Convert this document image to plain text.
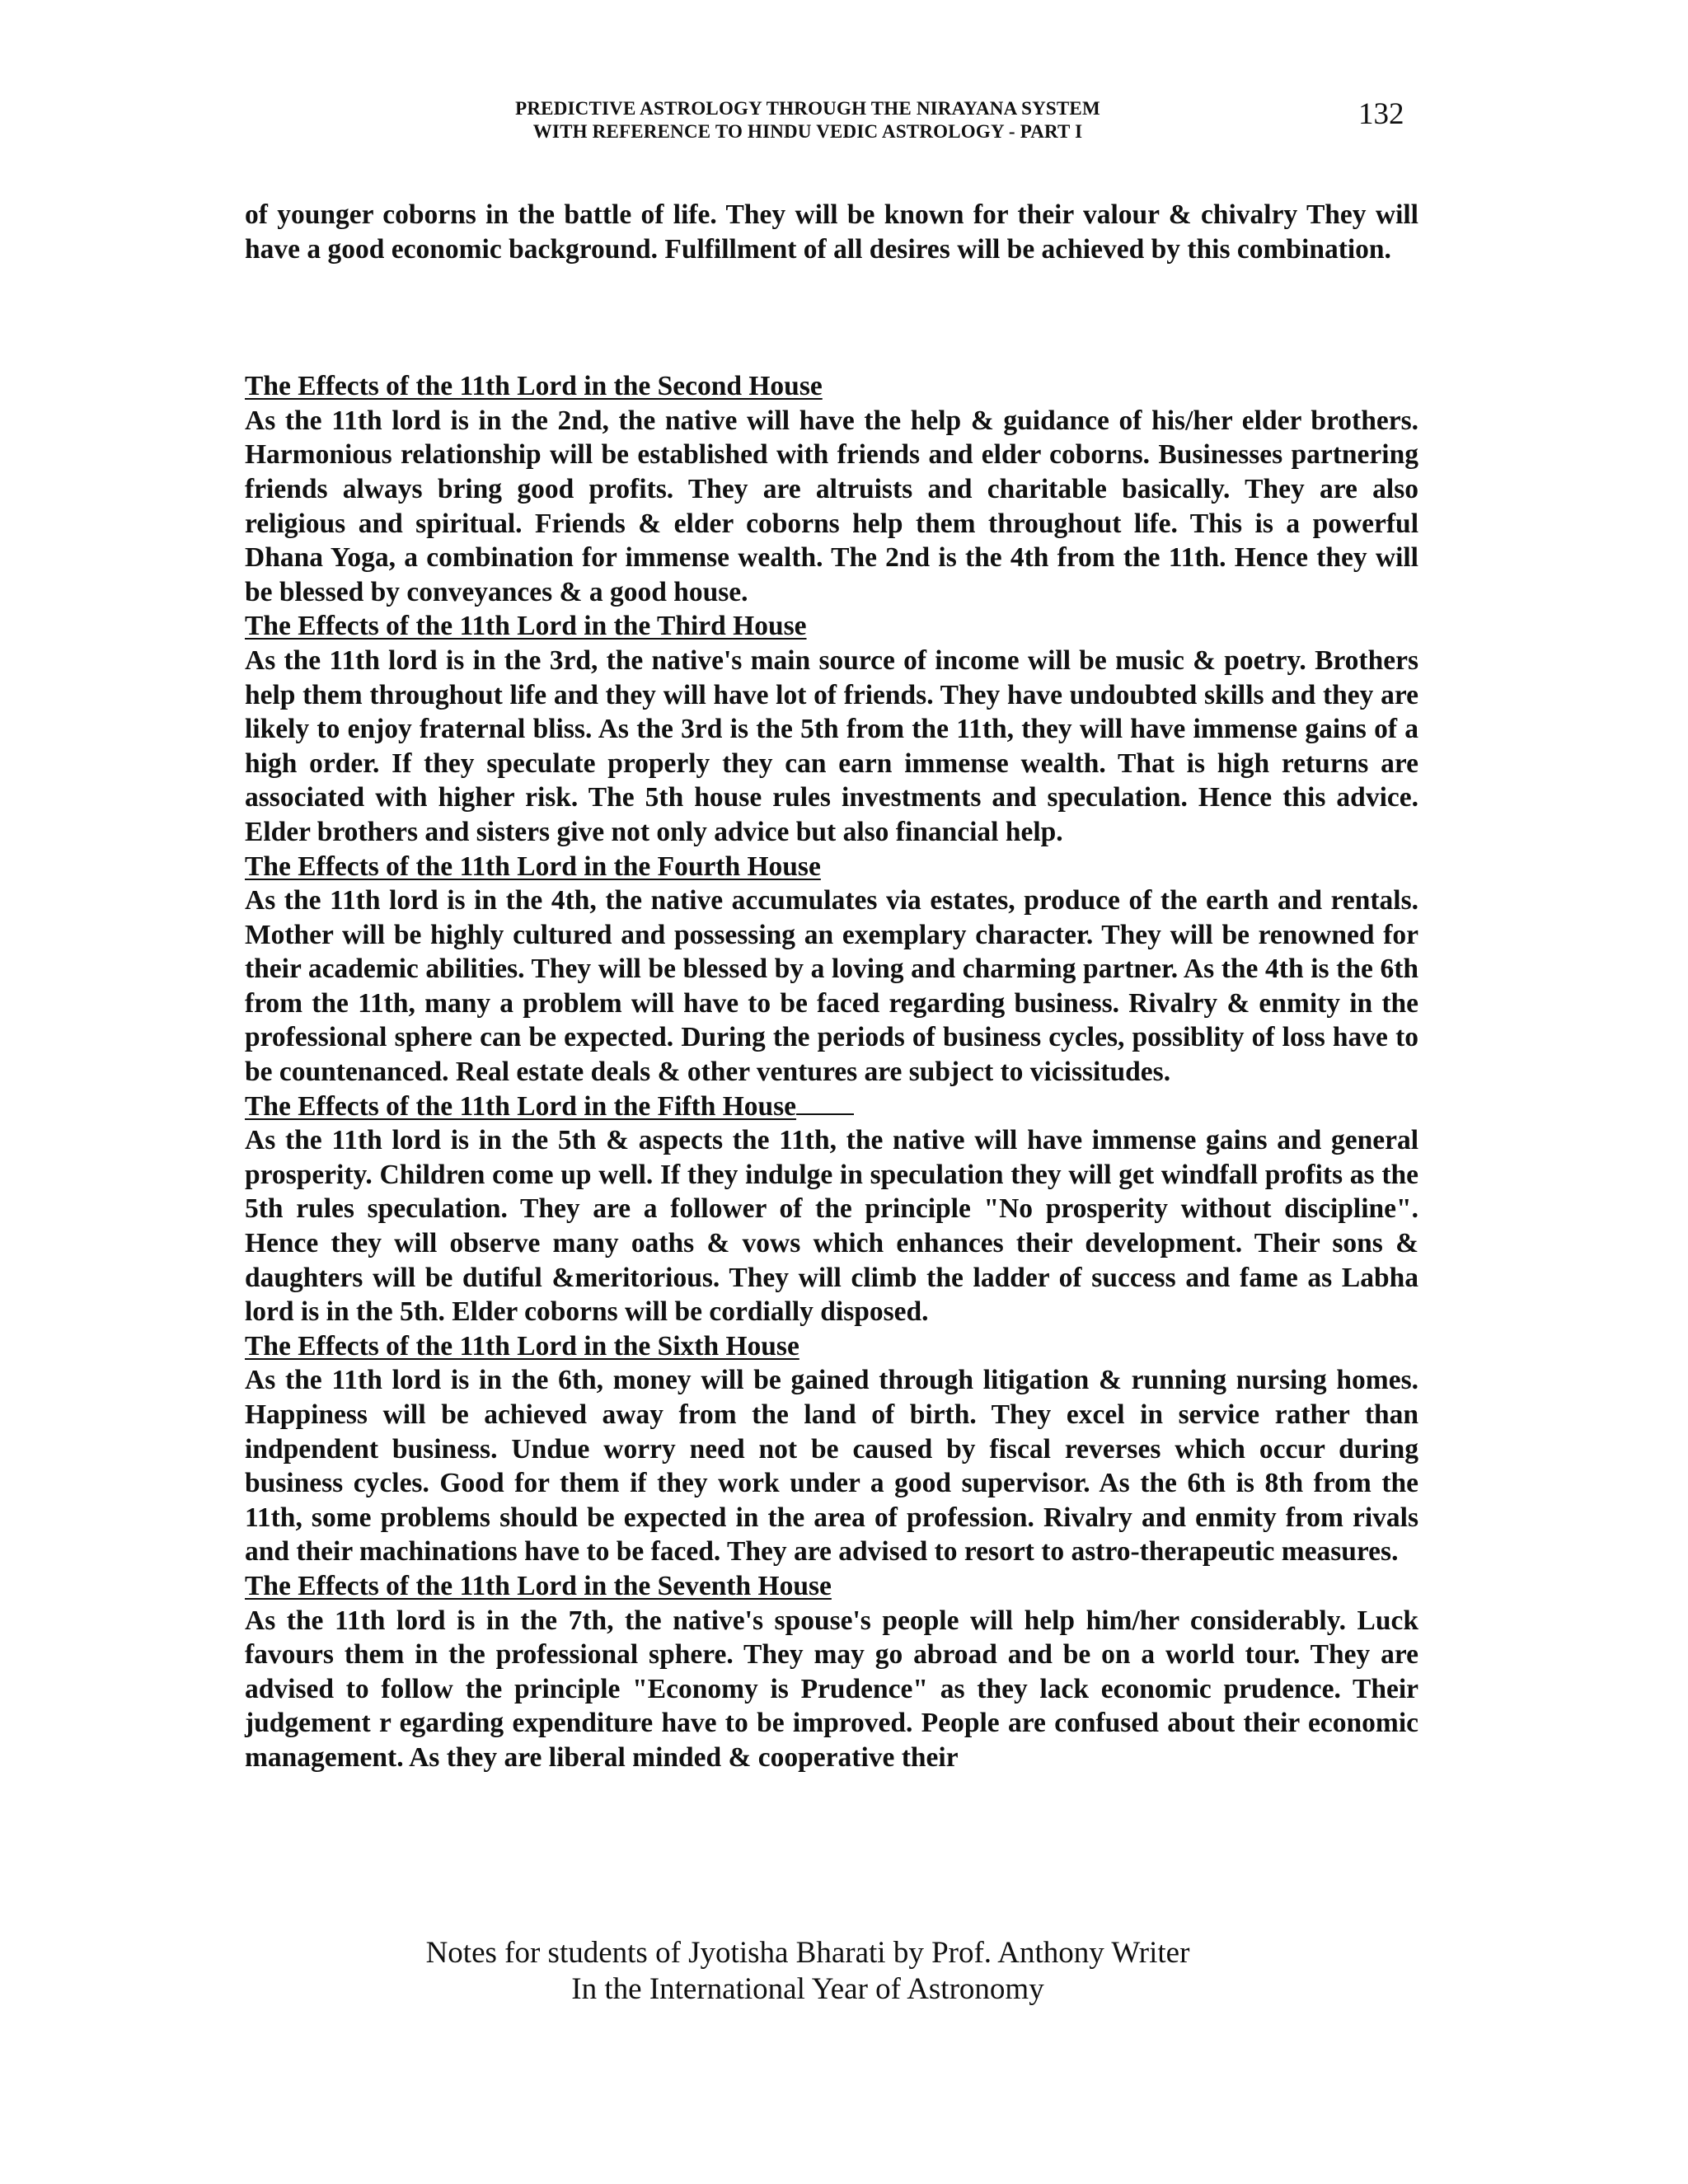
PREDICTIVE ASTROLOGY THROUGH THE NIRAYANA SYSTEM
WITH REFERENCE TO HINDU VEDIC ASTROLOGY - PART I
132

of younger coborns in the battle of life. They will be known for their valour & chivalry They will have a good economic background. Fulfillment of all desires will be achieved by this combination.

The Effects of the 11th Lord in the Second House

As the 11th lord is in the 2nd, the native will have the help & guidance of his/her elder brothers. Harmonious relationship will be established with friends and elder coborns. Businesses partnering friends always bring good profits. They are altruists and charitable basically. They are also religious and spiritual. Friends & elder coborns help them throughout life. This is a powerful Dhana Yoga, a combination for immense wealth. The 2nd is the 4th from the 11th. Hence they will be blessed by conveyances & a good house.

The Effects of the 11th Lord in the Third House

As the 11th lord is in the 3rd, the native's main source of income will be music & poetry. Brothers help them throughout life and they will have lot of friends. They have undoubted skills and they are likely to enjoy fraternal bliss. As the 3rd is the 5th from the 11th, they will have immense gains of a high order. If they speculate properly they can earn immense wealth. That is high returns are associated with higher risk. The 5th house rules investments and speculation. Hence this advice. Elder brothers and sisters give not only advice but also financial help.

The Effects of the 11th Lord in the Fourth House

As the 11th lord is in the 4th, the native accumulates via estates, produce of the earth and rentals. Mother will be highly cultured and possessing an exemplary character. They will be renowned for their academic abilities. They will be blessed by a loving and charming partner. As the 4th is the 6th from the 11th, many a problem will have to be faced regarding business. Rivalry & enmity in the professional sphere can be expected. During the periods of business cycles, possiblity of loss have to be countenanced. Real estate deals & other ventures are subject to vicissitudes.

The Effects of the 11th Lord in the Fifth House

As the 11th lord is in the 5th & aspects the 11th, the native will have immense gains and general prosperity. Children come up well. If they indulge in speculation they will get windfall profits as the 5th rules speculation. They are a follower of the principle "No prosperity without discipline". Hence they will observe many oaths & vows which enhances their development. Their sons & daughters will be dutiful &meritorious. They will climb the ladder of success and fame as Labha lord is in the 5th. Elder coborns will be cordially disposed.

The Effects of the 11th Lord in the Sixth House

As the 11th lord is in the 6th, money will be gained through litigation & running nursing homes. Happiness will be achieved away from the land of birth. They excel in service rather than indpendent business. Undue worry need not be caused by fiscal reverses which occur during business cycles. Good for them if they work under a good supervisor. As the 6th is 8th from the 11th, some problems should be expected in the area of profession. Rivalry and enmity from rivals and their machinations have to be faced. They are advised to resort to astro-therapeutic measures.

The Effects of the 11th Lord in the Seventh House

As the 11th lord is in the 7th, the native's spouse's people will help him/her considerably. Luck favours them in the professional sphere. They may go abroad and be on a world tour. They are advised to follow the principle "Economy is Prudence" as they lack economic prudence. Their judgement r egarding expenditure have to be improved. People are confused about their economic management. As they are liberal minded & cooperative their

Notes for students of Jyotisha Bharati by Prof. Anthony Writer
In the International Year of Astronomy
